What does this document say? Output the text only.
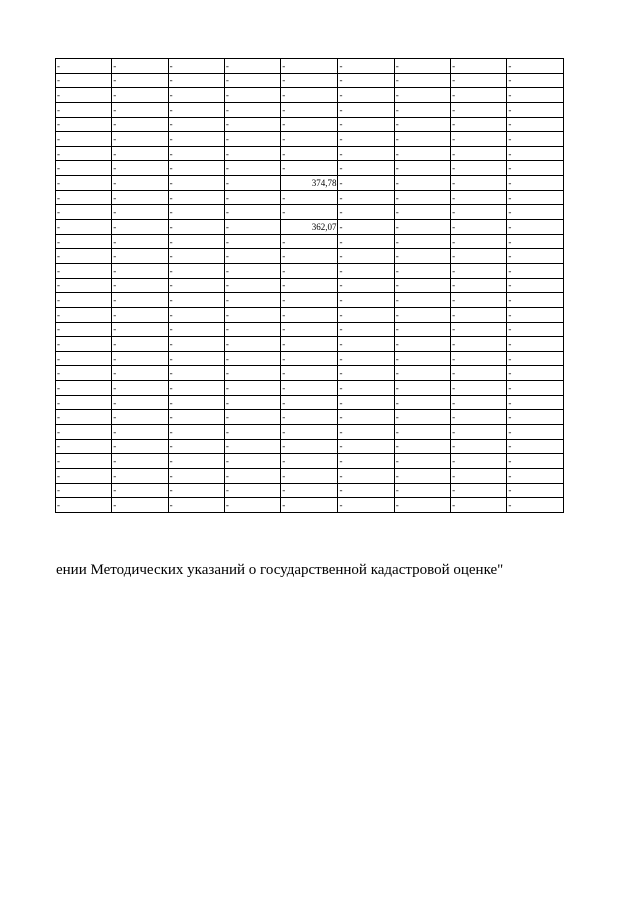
-	-	-	-	-	-	-	-	-
-	-	-	-	-	-	-	-	-
-	-	-	-	-	-	-	-	-
-	-	-	-	-	-	-	-	-
-	-	-	-	-	-	-	-	-
-	-	-	-	-	-	-	-	-
-	-	-	-	-	-	-	-	-
-	-	-	-	-	-	-	-	-
-	-	-	-	374,78	-	-	-	-
-	-	-	-	-	-	-	-	-
-	-	-	-	-	-	-	-	-
-	-	-	-	362,07	-	-	-	-
-	-	-	-	-	-	-	-	-
-	-	-	-	-	-	-	-	-
-	-	-	-	-	-	-	-	-
-	-	-	-	-	-	-	-	-
-	-	-	-	-	-	-	-	-
-	-	-	-	-	-	-	-	-
-	-	-	-	-	-	-	-	-
-	-	-	-	-	-	-	-	-
-	-	-	-	-	-	-	-	-
-	-	-	-	-	-	-	-	-
-	-	-	-	-	-	-	-	-
-	-	-	-	-	-	-	-	-
-	-	-	-	-	-	-	-	-
-	-	-	-	-	-	-	-	-
-	-	-	-	-	-	-	-	-
-	-	-	-	-	-	-	-	-
-	-	-	-	-	-	-	-	-
-	-	-	-	-	-	-	-	-
-	-	-	-	-	-	-	-	-
ении Методических указаний о государственной кадастровой оценке"
